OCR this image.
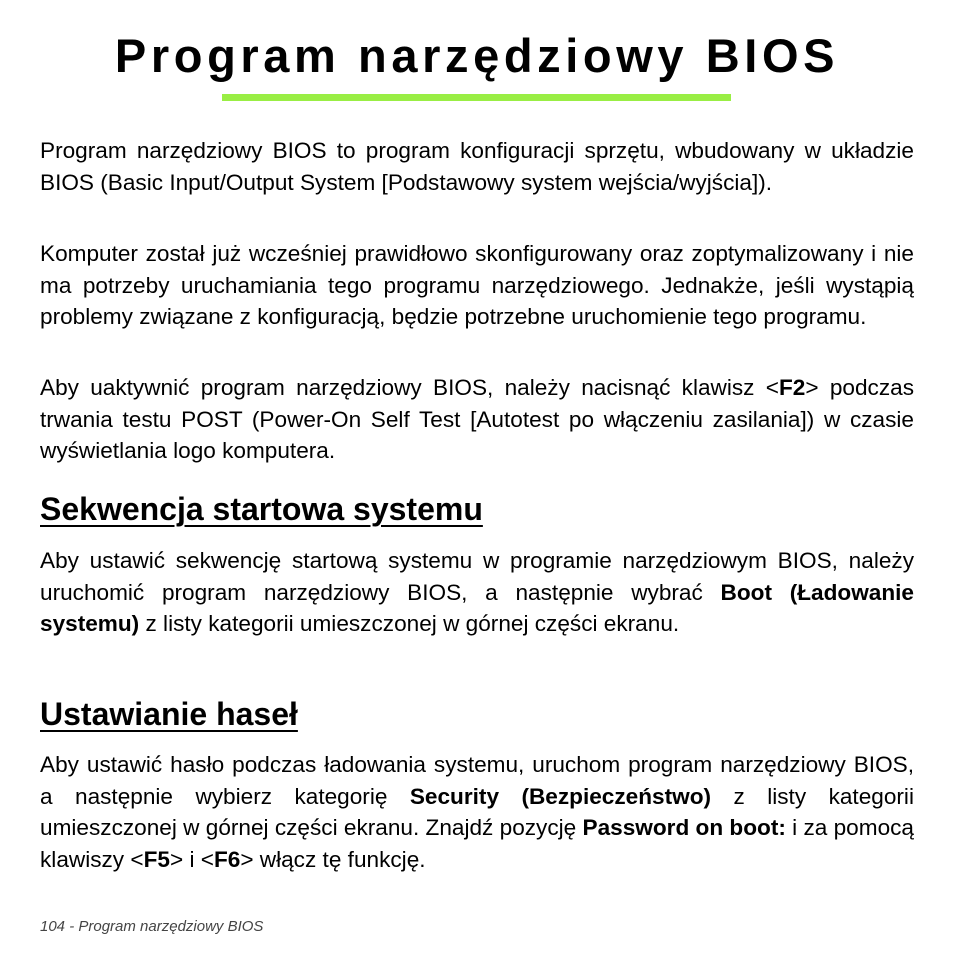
Program narzędziowy BIOS

Program narzędziowy BIOS to program konfiguracji sprzętu, wbudowany w układzie BIOS (Basic Input/Output System [Podstawowy system wejścia/wyjścia]).

Komputer został już wcześniej prawidłowo skonfigurowany oraz zoptymalizowany i nie ma potrzeby uruchamiania tego programu narzędziowego. Jednakże, jeśli wystąpią problemy związane z konfiguracją, będzie potrzebne uruchomienie tego programu.

Aby uaktywnić program narzędziowy BIOS, należy nacisnąć klawisz <F2> podczas trwania testu POST (Power-On Self Test [Autotest po włączeniu zasilania]) w czasie wyświetlania logo komputera.

Sekwencja startowa systemu

Aby ustawić sekwencję startową systemu w programie narzędziowym BIOS, należy uruchomić program narzędziowy BIOS, a następnie wybrać Boot (Ładowanie systemu) z listy kategorii umieszczonej w górnej części ekranu.

Ustawianie haseł

Aby ustawić hasło podczas ładowania systemu, uruchom program narzędziowy BIOS, a następnie wybierz kategorię Security (Bezpieczeństwo) z listy kategorii umieszczonej w górnej części ekranu. Znajdź pozycję Password on boot: i za pomocą klawiszy <F5> i <F6> włącz tę funkcję.

104 - Program narzędziowy BIOS
